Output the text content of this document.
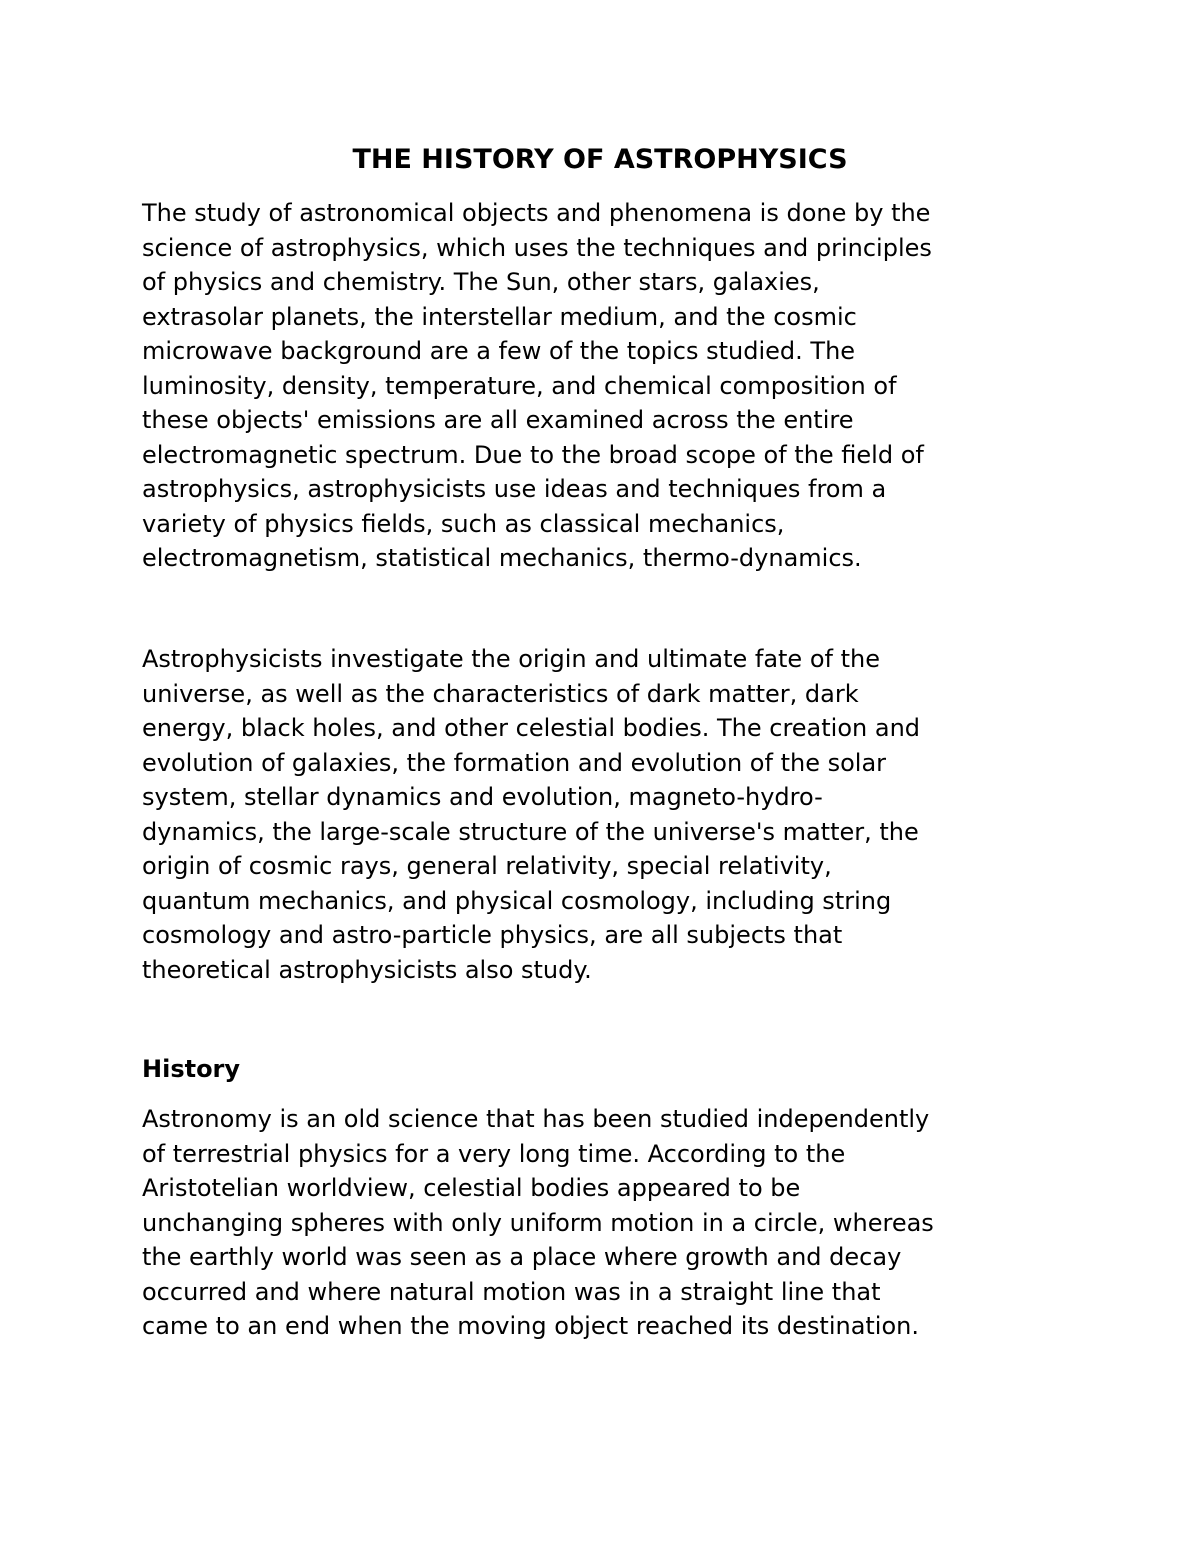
THE HISTORY OF ASTROPHYSICS

The study of astronomical objects and phenomena is done by the
science of astrophysics, which uses the techniques and principles
of physics and chemistry. The Sun, other stars, galaxies,
extrasolar planets, the interstellar medium, and the cosmic
microwave background are a few of the topics studied. The
luminosity, density, temperature, and chemical composition of
these objects' emissions are all examined across the entire
electromagnetic spectrum. Due to the broad scope of the field of
astrophysics, astrophysicists use ideas and techniques from a
variety of physics fields, such as classical mechanics,
electromagnetism, statistical mechanics, thermo-dynamics.

Astrophysicists investigate the origin and ultimate fate of the
universe, as well as the characteristics of dark matter, dark
energy, black holes, and other celestial bodies. The creation and
evolution of galaxies, the formation and evolution of the solar
system, stellar dynamics and evolution, magneto-hydro-
dynamics, the large-scale structure of the universe's matter, the
origin of cosmic rays, general relativity, special relativity,
quantum mechanics, and physical cosmology, including string
cosmology and astro-particle physics, are all subjects that
theoretical astrophysicists also study.

History

Astronomy is an old science that has been studied independently
of terrestrial physics for a very long time. According to the
Aristotelian worldview, celestial bodies appeared to be
unchanging spheres with only uniform motion in a circle, whereas
the earthly world was seen as a place where growth and decay
occurred and where natural motion was in a straight line that
came to an end when the moving object reached its destination.
